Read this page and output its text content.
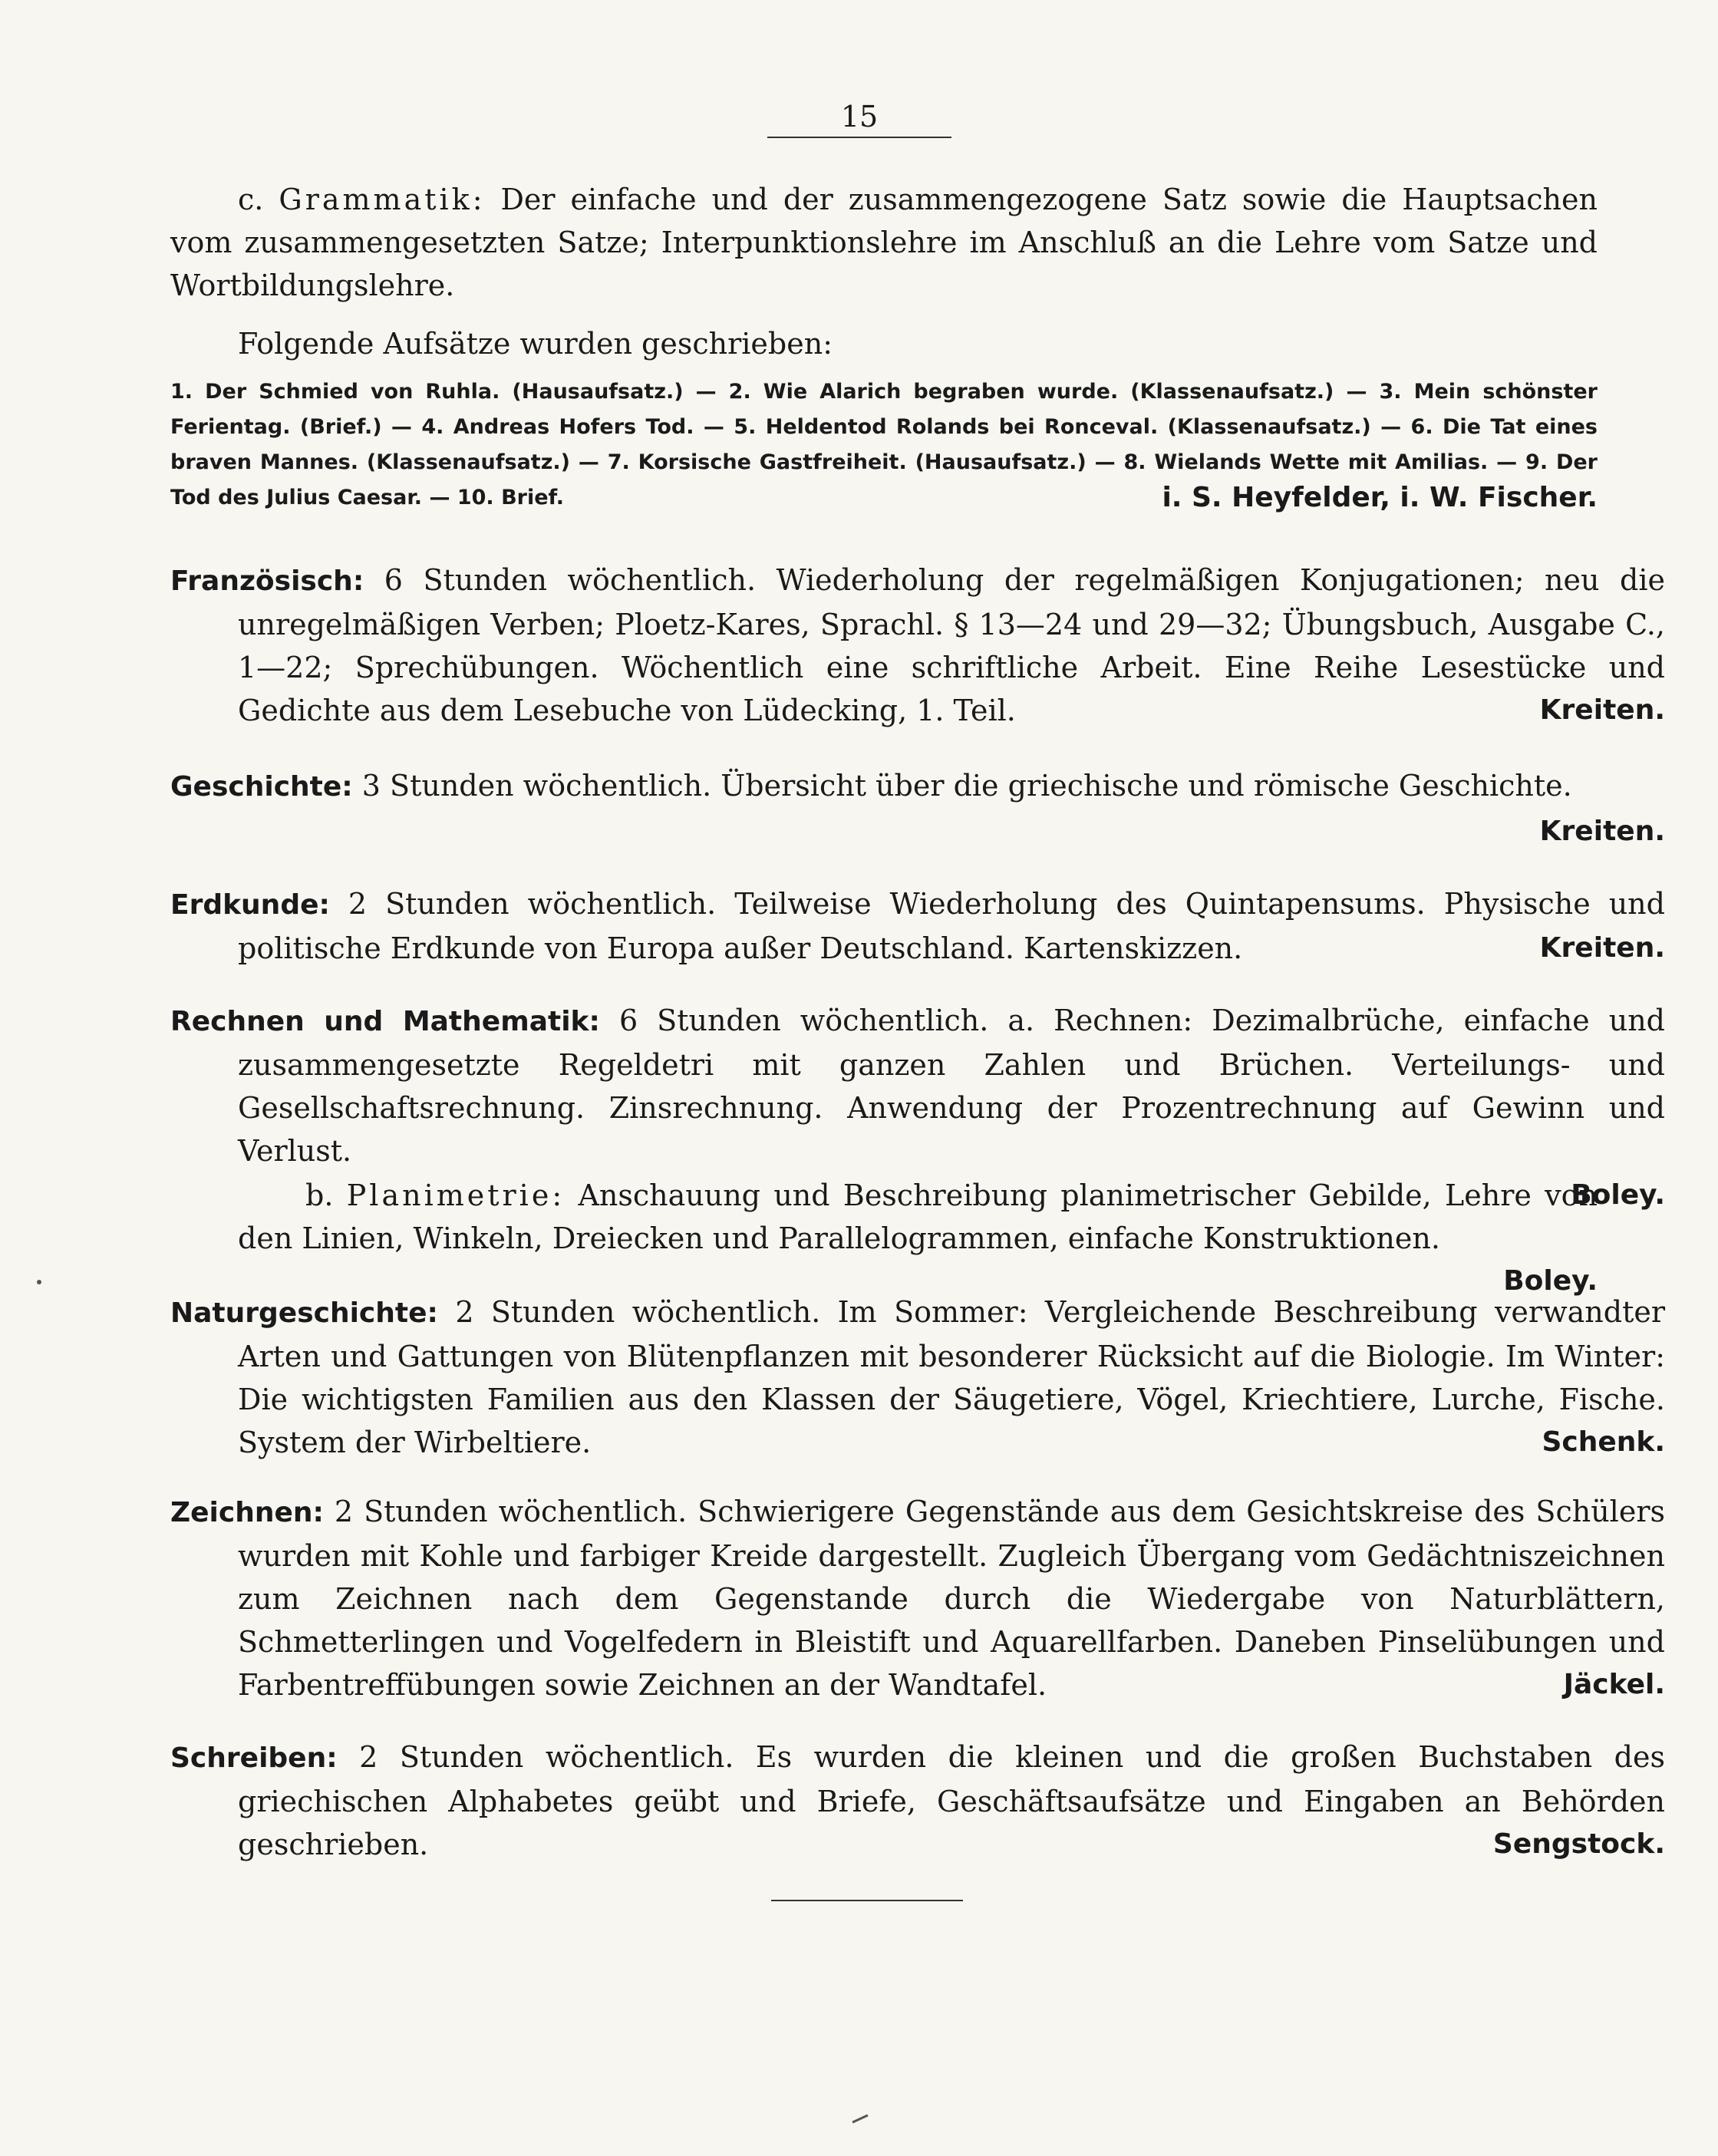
15
c. Grammatik: Der einfache und der zusammengezogene Satz sowie die Hauptsachen vom zusammengesetzten Satze; Interpunktionslehre im Anschluß an die Lehre vom Satze und Wortbildungslehre.
Folgende Aufsätze wurden geschrieben:
1. Der Schmied von Ruhla. (Hausaufsatz.) — 2. Wie Alarich begraben wurde. (Klassenaufsatz.) — 3. Mein schönster Ferientag. (Brief.) — 4. Andreas Hofers Tod. — 5. Heldentod Rolands bei Ronceval. (Klassenaufsatz.) — 6. Die Tat eines braven Mannes. (Klassenaufsatz.) — 7. Korsische Gastfreiheit. (Hausaufsatz.) — 8. Wielands Wette mit Amilias. — 9. Der Tod des Julius Caesar. — 10. Brief.	i. S. Heyfelder, i. W. Fischer.
Französisch: 6 Stunden wöchentlich. Wiederholung der regelmäßigen Konjugationen; neu die unregelmäßigen Verben; Ploetz-Kares, Sprachl. § 13—24 und 29—32; Übungsbuch, Ausgabe C., 1—22; Sprechübungen. Wöchentlich eine schriftliche Arbeit. Eine Reihe Lesestücke und Gedichte aus dem Lesebuche von Lüdecking, 1. Teil.	Kreiten.
Geschichte: 3 Stunden wöchentlich. Übersicht über die griechische und römische Geschichte.
Kreiten.
Erdkunde: 2 Stunden wöchentlich. Teilweise Wiederholung des Quintapensums. Physische und politische Erdkunde von Europa außer Deutschland. Kartenskizzen.	Kreiten.
Rechnen und Mathematik: 6 Stunden wöchentlich. a. Rechnen: Dezimalbrüche, einfache und zusammengesetzte Regeldetri mit ganzen Zahlen und Brüchen. Verteilungs- und Gesellschaftsrechnung. Zinsrechnung. Anwendung der Prozentrechnung auf Gewinn und Verlust.
Boley.
b. Planimetrie: Anschauung und Beschreibung planimetrischer Gebilde, Lehre von den Linien, Winkeln, Dreiecken und Parallelogrammen, einfache Konstruktionen.
Boley.
Naturgeschichte: 2 Stunden wöchentlich. Im Sommer: Vergleichende Beschreibung verwandter Arten und Gattungen von Blütenpflanzen mit besonderer Rücksicht auf die Biologie. Im Winter: Die wichtigsten Familien aus den Klassen der Säugetiere, Vögel, Kriechtiere, Lurche, Fische. System der Wirbeltiere.	Schenk.
Zeichnen: 2 Stunden wöchentlich. Schwierigere Gegenstände aus dem Gesichtskreise des Schülers wurden mit Kohle und farbiger Kreide dargestellt. Zugleich Übergang vom Gedächtniszeichnen zum Zeichnen nach dem Gegenstande durch die Wiedergabe von Naturblättern, Schmetterlingen und Vogelfedern in Bleistift und Aquarellfarben. Daneben Pinselübungen und Farbentreffübungen sowie Zeichnen an der Wandtafel.	Jäckel.
Schreiben: 2 Stunden wöchentlich. Es wurden die kleinen und die großen Buchstaben des griechischen Alphabetes geübt und Briefe, Geschäftsaufsätze und Eingaben an Behörden geschrieben.	Sengstock.
